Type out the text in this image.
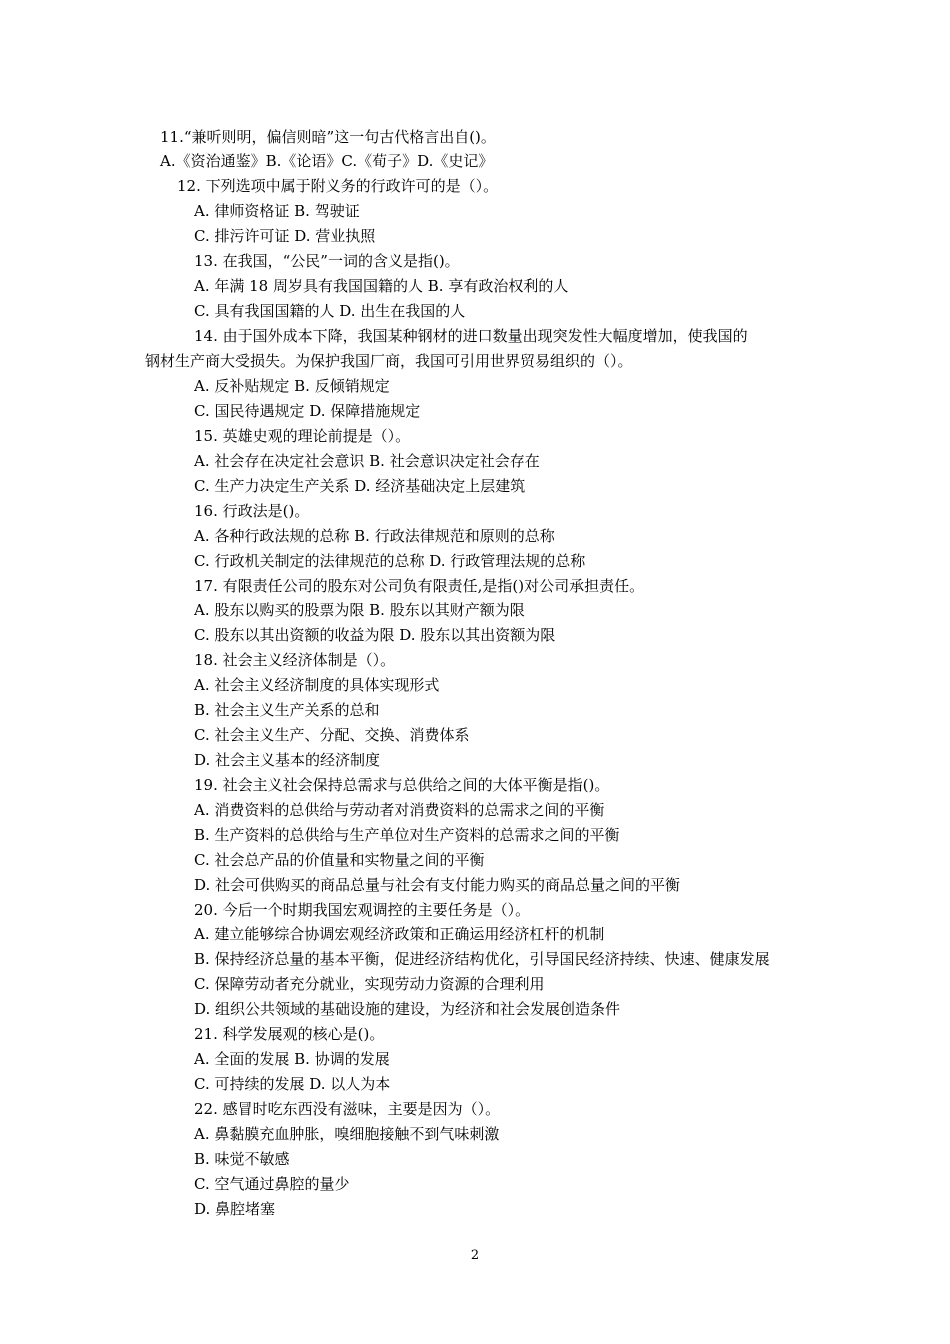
11.“兼听则明，偏信则暗”这一句古代格言出自()。
A.《资治通鉴》B.《论语》C.《荀子》D.《史记》
12. 下列选项中属于附义务的行政许可的是（）。
A. 律师资格证 B. 驾驶证
C. 排污许可证 D. 营业执照
13. 在我国，“公民”一词的含义是指()。
A. 年满 18 周岁具有我国国籍的人 B. 享有政治权利的人
C. 具有我国国籍的人 D. 出生在我国的人
14. 由于国外成本下降，我国某种钢材的进口数量出现突发性大幅度增加，使我国的
钢材生产商大受损失。为保护我国厂商，我国可引用世界贸易组织的（）。
A. 反补贴规定 B. 反倾销规定
C. 国民待遇规定 D. 保障措施规定
15. 英雄史观的理论前提是（）。
A. 社会存在决定社会意识 B. 社会意识决定社会存在
C. 生产力决定生产关系 D. 经济基础决定上层建筑
16. 行政法是()。
A. 各种行政法规的总称 B. 行政法律规范和原则的总称
C. 行政机关制定的法律规范的总称 D. 行政管理法规的总称
17. 有限责任公司的股东对公司负有限责任,是指()对公司承担责任。
A. 股东以购买的股票为限 B. 股东以其财产额为限
C. 股东以其出资额的收益为限 D. 股东以其出资额为限
18. 社会主义经济体制是（）。
A. 社会主义经济制度的具体实现形式
B. 社会主义生产关系的总和
C. 社会主义生产、分配、交换、消费体系
D. 社会主义基本的经济制度
19. 社会主义社会保持总需求与总供给之间的大体平衡是指()。
A. 消费资料的总供给与劳动者对消费资料的总需求之间的平衡
B. 生产资料的总供给与生产单位对生产资料的总需求之间的平衡
C. 社会总产品的价值量和实物量之间的平衡
D. 社会可供购买的商品总量与社会有支付能力购买的商品总量之间的平衡
20. 今后一个时期我国宏观调控的主要任务是（）。
A. 建立能够综合协调宏观经济政策和正确运用经济杠杆的机制
B. 保持经济总量的基本平衡，促进经济结构优化，引导国民经济持续、快速、健康发展
C. 保障劳动者充分就业，实现劳动力资源的合理利用
D. 组织公共领域的基础设施的建设，为经济和社会发展创造条件
21. 科学发展观的核心是()。
A. 全面的发展 B. 协调的发展
C. 可持续的发展 D. 以人为本
22. 感冒时吃东西没有滋味，主要是因为（）。
A. 鼻黏膜充血肿胀，嗅细胞接触不到气味刺激
B. 味觉不敏感
C. 空气通过鼻腔的量少
D. 鼻腔堵塞
2
